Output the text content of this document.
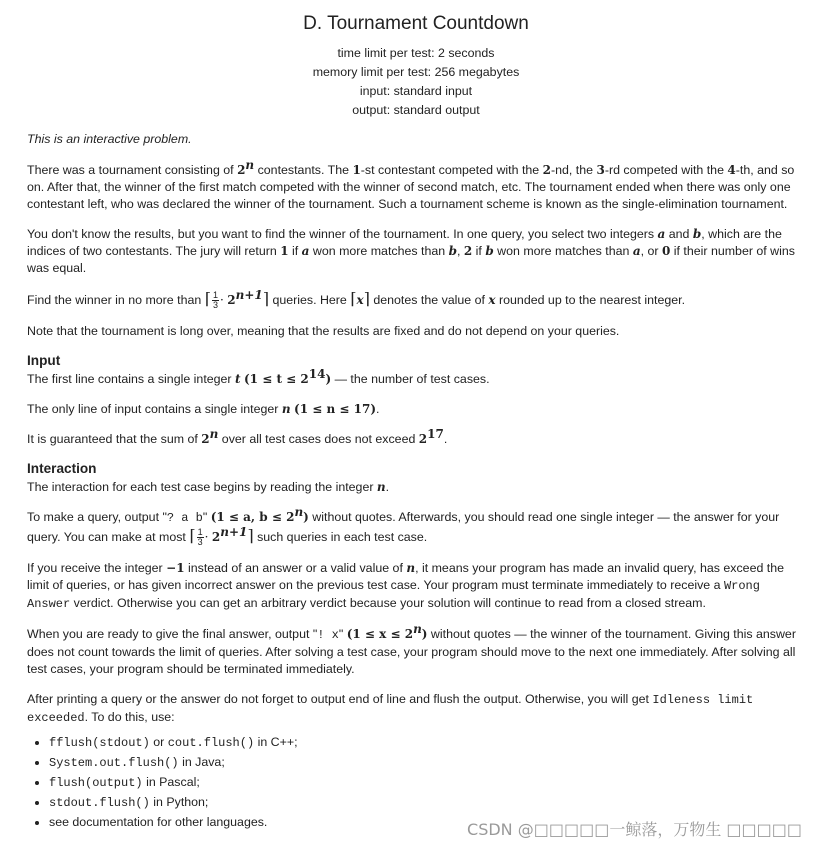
D. Tournament Countdown
time limit per test: 2 seconds
memory limit per test: 256 megabytes
input: standard input
output: standard output

This is an interactive problem.

There was a tournament consisting of 2$^n$ contestants. The 1-st contestant competed with the 2-nd, the 3-rd competed with the 4-th, and so on. After that, the winner of the first match competed with the winner of second match, etc. The tournament ended when there was only one contestant left, who was declared the winner of the tournament. Such a tournament scheme is known as the single-elimination tournament.

You don't know the results, but you want to find the winner of the tournament. In one query, you select two integers a and b, which are the indices of two contestants. The jury will return 1 if a won more matches than b, 2 if b won more matches than a, or 0 if their number of wins was equal.

Find the winner in no more than ⌈ $\frac{1}{3}$ · $2^{n+1}⌉$ queries. Here ⌈x⌉ denotes the value of x rounded up to the nearest integer.

Note that the tournament is long over, meaning that the results are fixed and do not depend on your queries.

Input

The first line contains a single integer t $(1 \le t \le 2^{14})$ — the number of test cases.

The only line of input contains a single integer n (1 ≤ n ≤ 17).

It is guaranteed that the sum of 2$^n$ over all test cases does not exceed $2^{17}$.

Interaction

The interaction for each test case begins by reading the integer n.

To make a query, output "? a b" (1 ≤ a, $b \le 2^n$) without quotes. Afterwards, you should read one single integer — the answer for your query. You can make at most ⌈ $\frac{1}{3}$ · $2^{n+1}⌉$ such queries in each test case.

If you receive the integer −1 instead of an answer or a valid value of n, it means your program has made an invalid query, has exceed the limit of queries, or has given incorrect answer on the previous test case. Your program must terminate immediately to receive a Wrong Answer verdict. Otherwise you can get an arbitrary verdict because your solution will continue to read from a closed stream.

When you are ready to give the final answer, output "! x" $(1 \le x \le 2^n)$ without quotes — the winner of the tournament. Giving this answer does not count towards the limit of queries. After solving a test case, your program should move to the next one immediately. After solving all test cases, your program should be terminated immediately.

After printing a query or the answer do not forget to output end of line and flush the output. Otherwise, you will get Idleness limit exceeded. To do this, use:

• fflush(stdout) or cout.flush() in C++;
• System.out.flush() in Java;
• flush(output) in Pascal;
• stdout.flush() in Python;
• see documentation for other languages.	CSDN @□□□□□一鲸落，万物生 □□□□□
